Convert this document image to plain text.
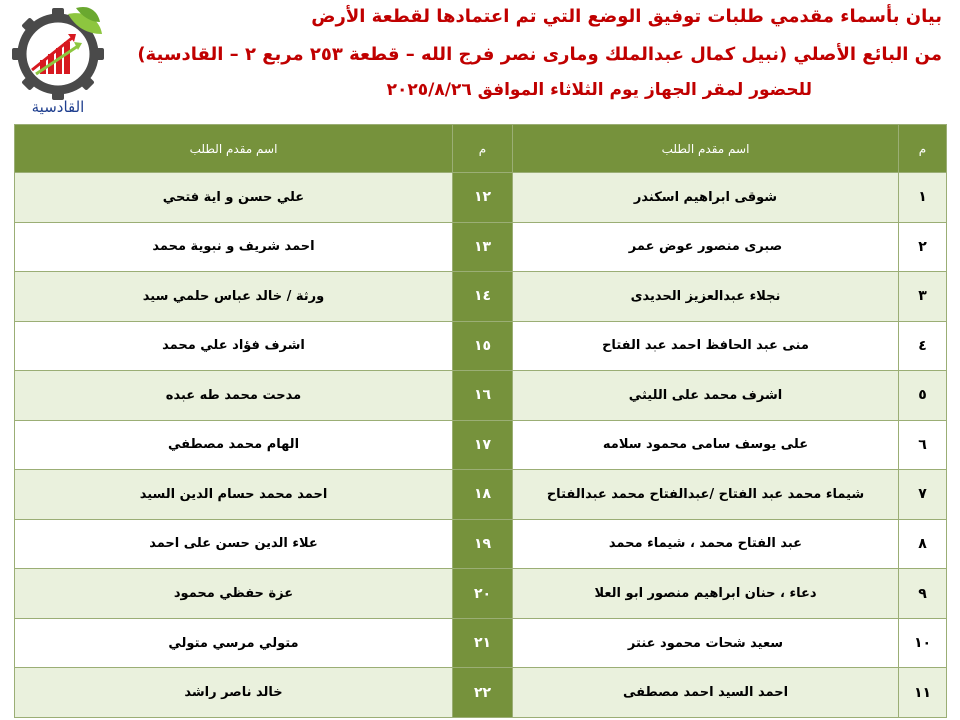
القادسية
بيان بأسماء مقدمي طلبات توفيق الوضع التي تم اعتمادها لقطعة الأرض
من البائع الأصلي (نبيل كمال عبدالملك ومارى نصر فرج الله – قطعة ٢٥٣ مربع ٢ – القادسية)
للحضور لمقر الجهاز يوم الثلاثاء الموافق ٢٠٢٥/٨/٢٦
م	اسم مقدم الطلب	م	اسم مقدم الطلب
١	شوقى ابراهيم اسكندر	١٢	علي حسن و اية فتحي
٢	صبرى منصور عوض عمر	١٣	احمد شريف و نبوية محمد
٣	نجلاء عبدالعزيز الحديدى	١٤	ورثة / خالد عباس حلمي سيد
٤	منى عبد الحافظ احمد عبد الفتاح	١٥	اشرف فؤاد علي محمد
٥	اشرف محمد على الليثي	١٦	مدحت محمد طه عبده
٦	على يوسف سامى محمود سلامه	١٧	الهام محمد مصطفي
٧	شيماء محمد عبد الفتاح /عبدالفتاح محمد عبدالفتاح	١٨	احمد محمد حسام الدين السيد
٨	عبد الفتاح محمد ، شيماء محمد	١٩	علاء الدين حسن على احمد
٩	دعاء ، حنان ابراهيم منصور ابو العلا	٢٠	عزة حفظي محمود
١٠	سعيد شحات محمود عنتر	٢١	متولي مرسي متولي
١١	احمد السيد احمد مصطفى	٢٢	خالد ناصر راشد
